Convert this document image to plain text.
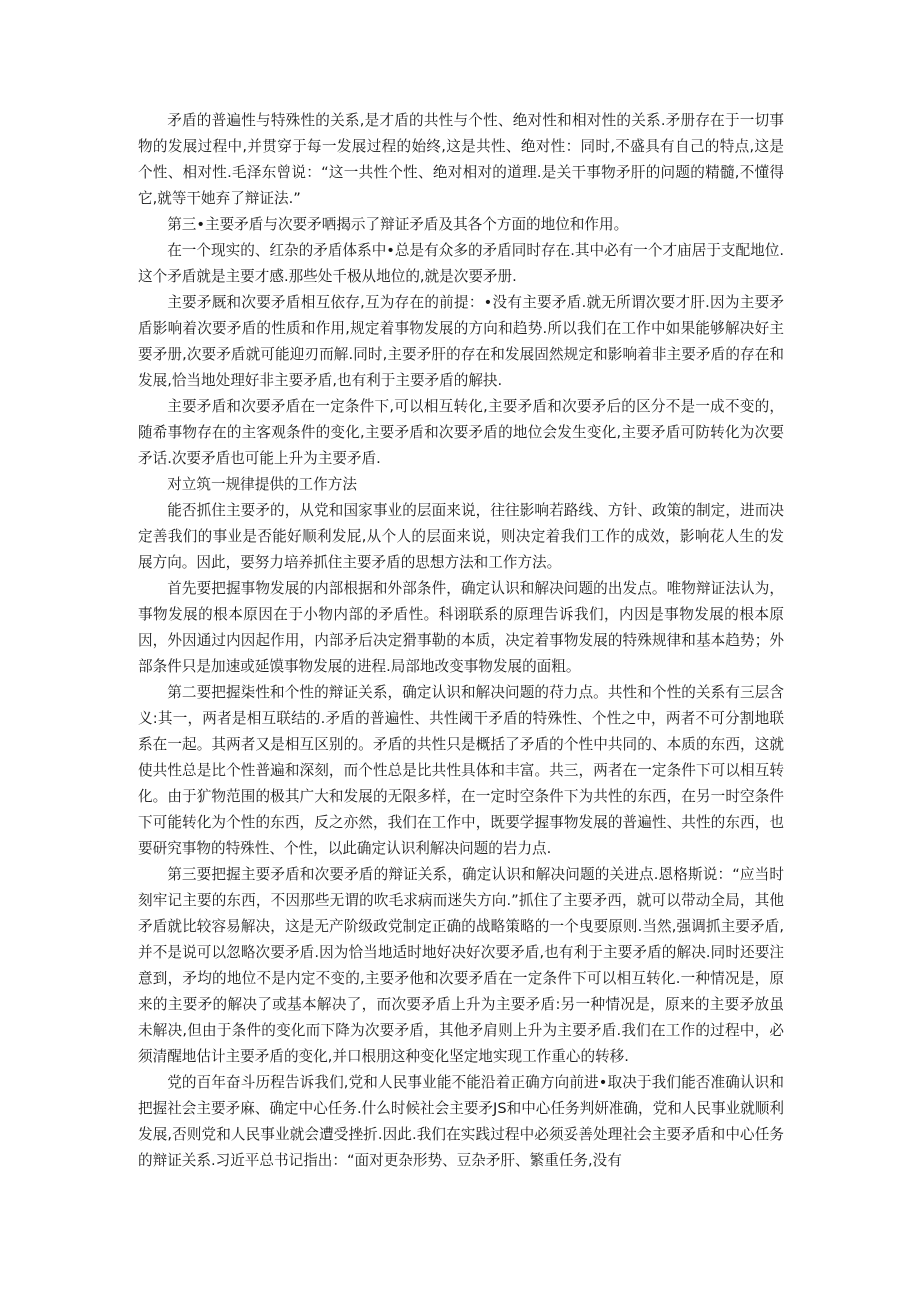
矛盾的普遍性与特殊性的关系,是才盾的共性与个性、绝对性和相对性的关系.矛册存在于一切事物的发展过程中,并贯穿于每一发展过程的始终,这是共性、绝对性：同时,不盛具有自己的特点,这是个性、相对性.毛泽东曾说：“这一共性个性、绝对相对的道理.是关干事物矛肝的问题的精髓,不懂得它,就等干她弃了辩证法.”

第三•主要矛盾与次要矛哂揭示了辩证矛盾及其各个方面的地位和作用。

在一个现实的、红杂的矛盾体系中•总是有众多的矛盾同时存在.其中必有一个才庙居于支配地位.这个矛盾就是主要才感.那些处千极从地位的,就是次要矛册.

主要矛厩和次要矛盾相互依存,互为存在的前提：•没有主要矛盾.就无所谓次要才肝.因为主要矛盾影响着次要矛盾的性质和作用,规定着事物发展的方向和趋势.所以我们在工作中如果能够解决好主要矛册,次要矛盾就可能迎刃而解.同时,主要矛肝的存在和发展固然规定和影响着非主要矛盾的存在和发展,恰当地处理好非主要矛盾,也有利于主要矛盾的解抉.

主要矛盾和次要矛盾在一定条件下,可以相互转化,主要矛盾和次要矛后的区分不是一成不变的，随希事物存在的主客观条件的变化,主要矛盾和次要矛盾的地位会发生变化,主要矛盾可防转化为次要矛话.次要矛盾也可能上升为主要矛盾.

对立筑一规律提供的工作方法

能否抓住主要矛的，从党和国家事业的层面来说，往往影响若路线、方针、政策的制定，进而决定善我们的事业是否能好顺利发屁,从个人的层面来说，则决定着我们工作的成效，影响花人生的发展方向。因此，要努力培养抓住主要矛盾的思想方法和工作方法。

首先要把握事物发展的内部根据和外部条件，确定认识和解决问题的出发点。唯物辩证法认为，事物发展的根本原因在于小物内部的矛盾性。科诩联系的原理告诉我们，内因是事物发展的根本原因，外因通过内因起作用，内部矛后决定猾事勒的本质，决定着事物发展的特殊规律和基本趋势；外部条件只是加速或延馍事物发展的进程.局部地改变事物发展的面粗。

第二要把握柒性和个性的辩证关系，确定认识和解决问题的苻力点。共性和个性的关系有三层含义:其一，两者是相互联结的.矛盾的普遍性、共性阈干矛盾的特殊性、个性之中，两者不可分割地联系在一起。其两者又是相互区别的。矛盾的共性只是概括了矛盾的个性中共同的、本质的东西，这就使共性总是比个性普遍和深刻，而个性总是比共性具体和丰富。共三，两者在一定条件下可以相互转化。由于犷物范围的极其广大和发展的无限多样，在一定时空条件下为共性的东西，在另一时空条件下可能转化为个性的东西，反之亦然，我们在工作中，既要学握事物发展的普遍性、共性的东西，也要研究事物的特殊性、个性，以此确定认识利解决问题的岩力点.

第三要把握主要矛盾和次要矛盾的辩证关系，确定认识和解决问题的关进点.恩格斯说：“应当时刻牢记主要的东西，不因那些无谓的吹毛求病而迷失方向.”抓住了主要矛西，就可以带动全局，其他矛盾就比较容易解决，这是无产阶级政党制定正确的战略策略的一个曳要原则.当然,强调抓主要矛盾,并不是说可以忽略次要矛盾.因为恰当地适时地好决好次要矛盾,也有利于主要矛盾的解决.同时还要注意到，矛均的地位不是内定不变的,主要矛他和次要矛盾在一定条件下可以相互转化.一种情况是，原来的主要矛的解决了或基本解决了，而次要矛盾上升为主要矛盾:另一种情况是，原来的主要矛放虽未解决,但由于条件的变化而下降为次要矛盾，其他矛肩则上升为主要矛盾.我们在工作的过程中，必须清醒地估计主要矛盾的变化,并口根朋这种变化坚定地实现工作重心的转移.

党的百年奋斗历程告诉我们,党和人民事业能不能沿着正确方向前进•取决于我们能否准确认识和把握社会主要矛麻、确定中心任务.什么时候社会主要矛JS和中心任务判妍准确，党和人民事业就顺利发展,否则党和人民事业就会遭受挫折.因此.我们在实践过程中必须妥善处理社会主要矛盾和中心任务的辩证关系.习近平总书记指出：“面对更杂形势、豆杂矛肝、繁重任务,没有
